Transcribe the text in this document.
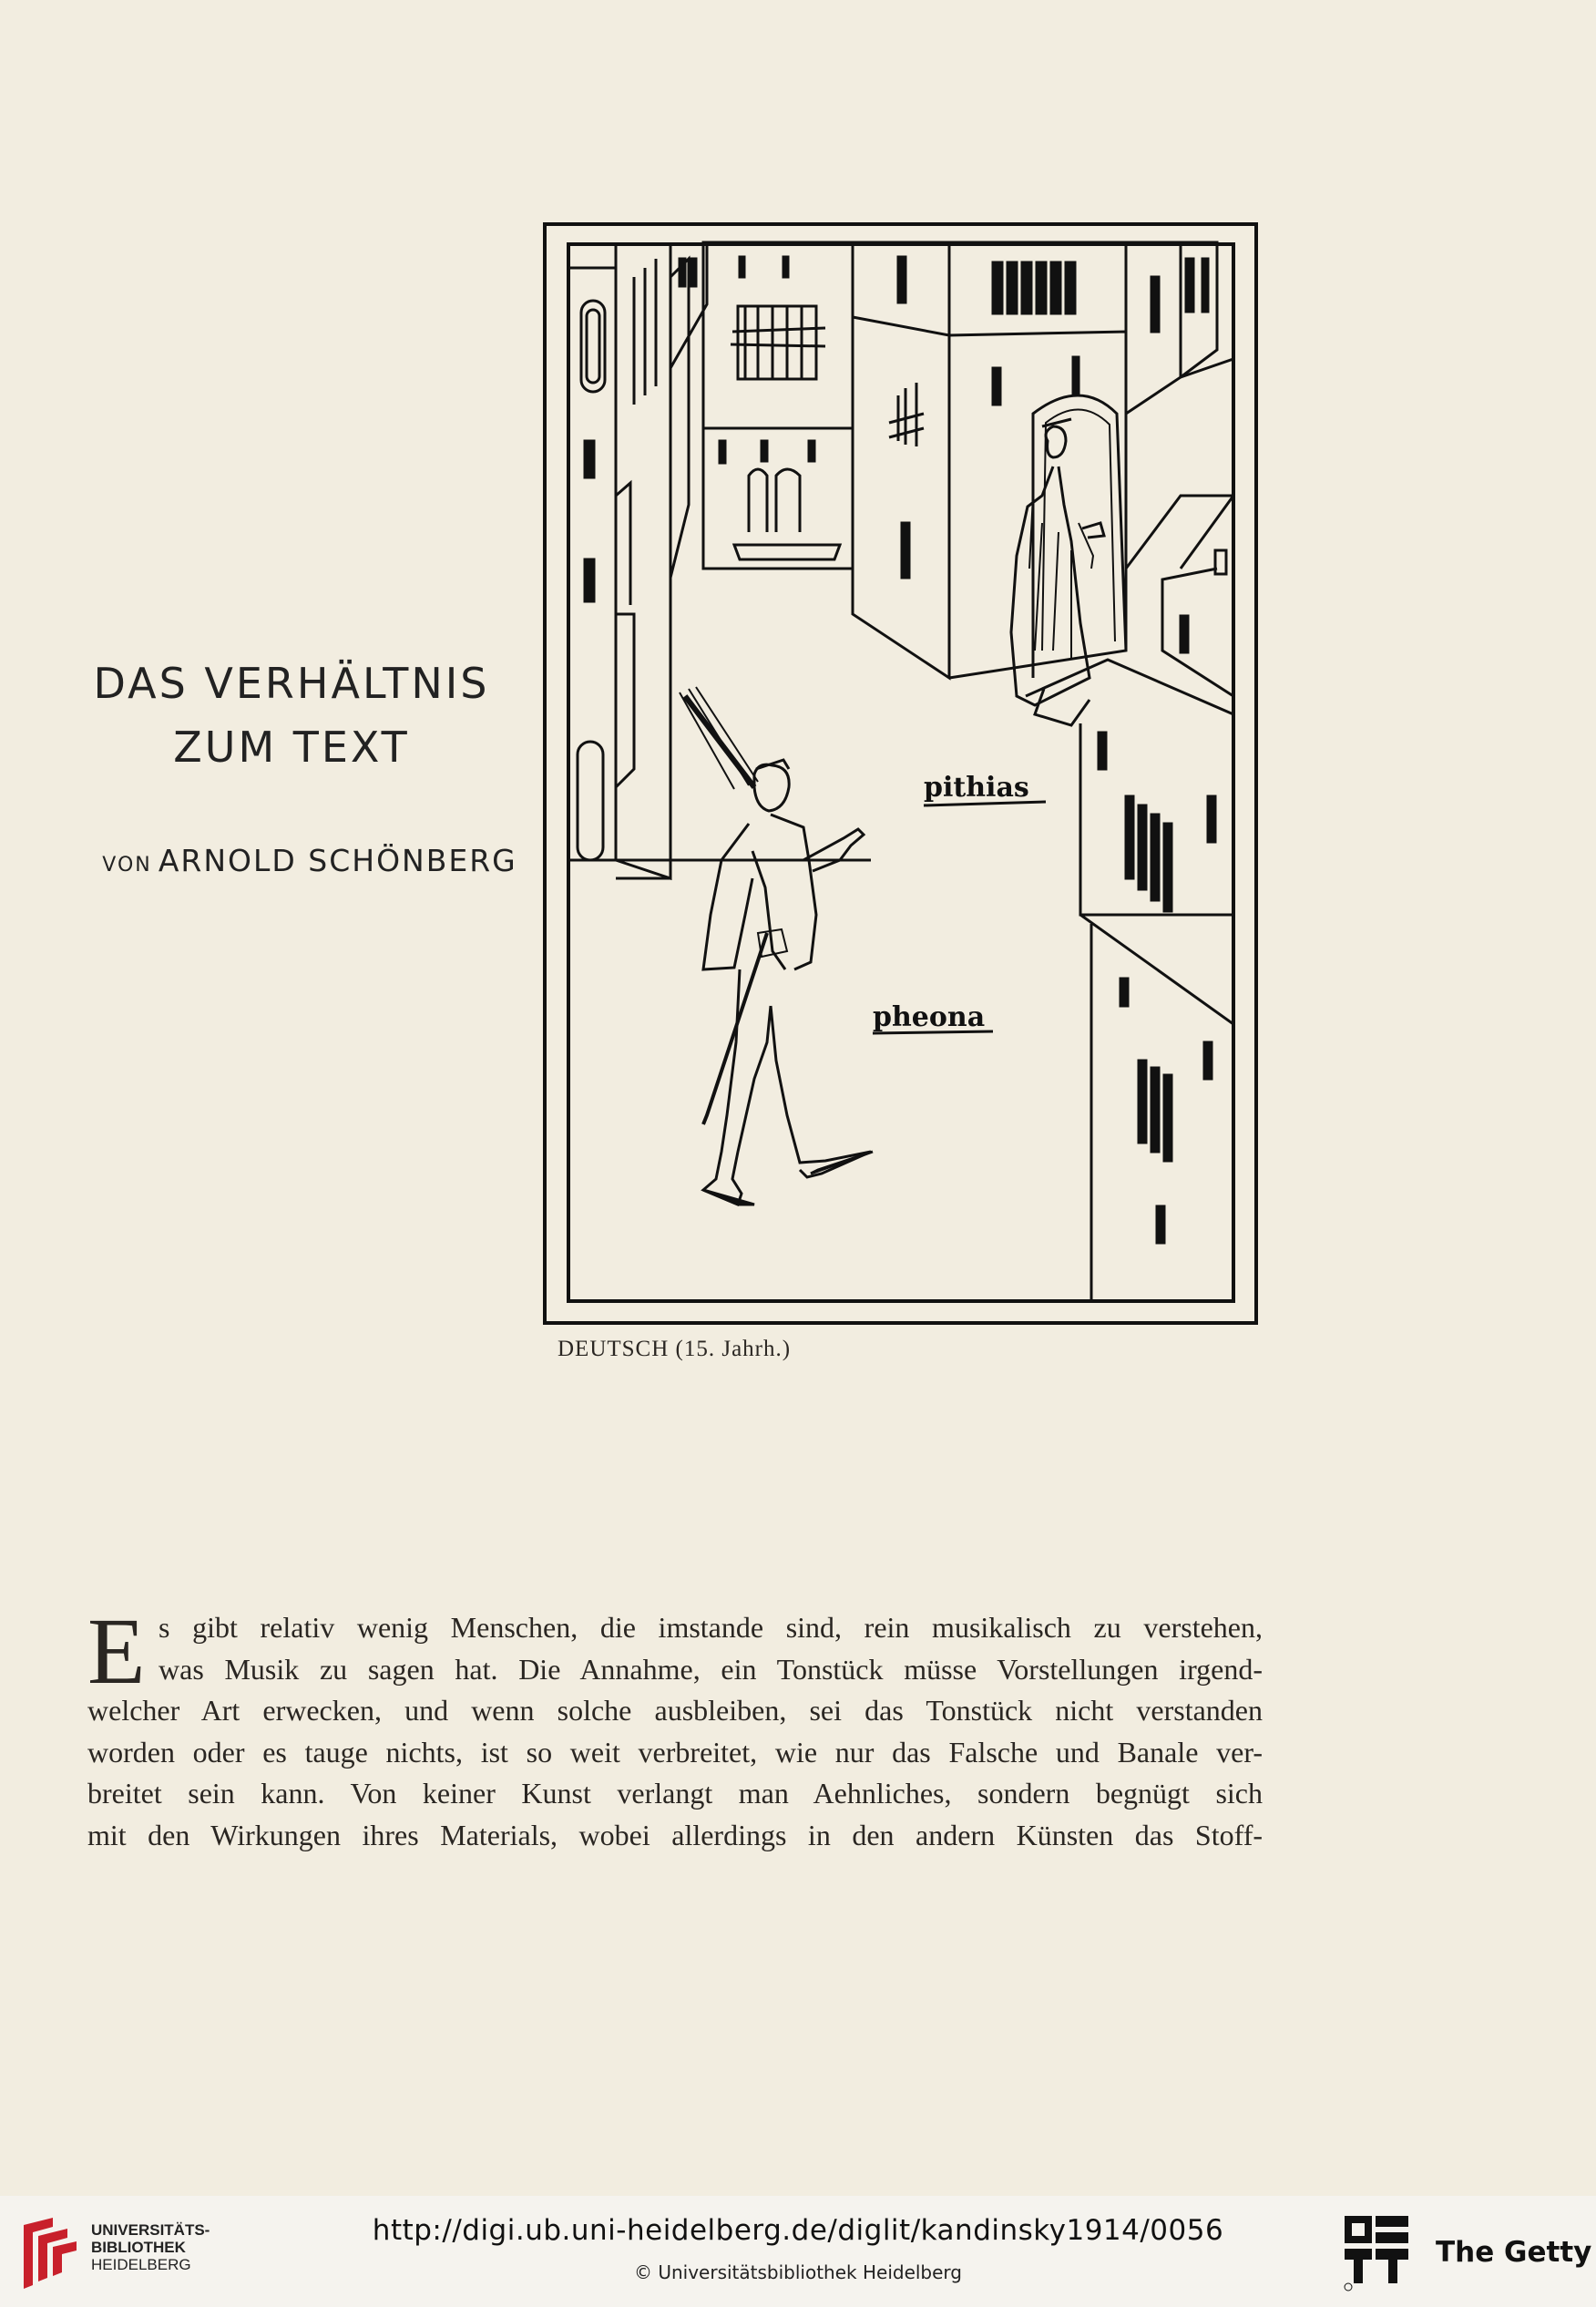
pithias
pheona
DEUTSCH (15. Jahrh.)
DAS VERHÄLTNIS
ZUM TEXT
VON ARNOLD SCHÖNBERG
E s gibt relativ wenig Menschen, die imstande sind, rein musikalisch zu verstehen,
was Musik zu sagen hat. Die Annahme, ein Tonstück müsse Vorstellungen irgend-
welcher Art erwecken, und wenn solche ausbleiben, sei das Tonstück nicht verstanden
worden oder es tauge nichts, ist so weit verbreitet, wie nur das Falsche und Banale ver-
breitet sein kann. Von keiner Kunst verlangt man Aehnliches, sondern begnügt sich
mit den Wirkungen ihres Materials, wobei allerdings in den andern Künsten das Stoff-
UNIVERSITÄTS-
BIBLIOTHEK
HEIDELBERG
http://digi.ub.uni-heidelberg.de/diglit/kandinsky1914/0056
© Universitätsbibliothek Heidelberg
The Getty
